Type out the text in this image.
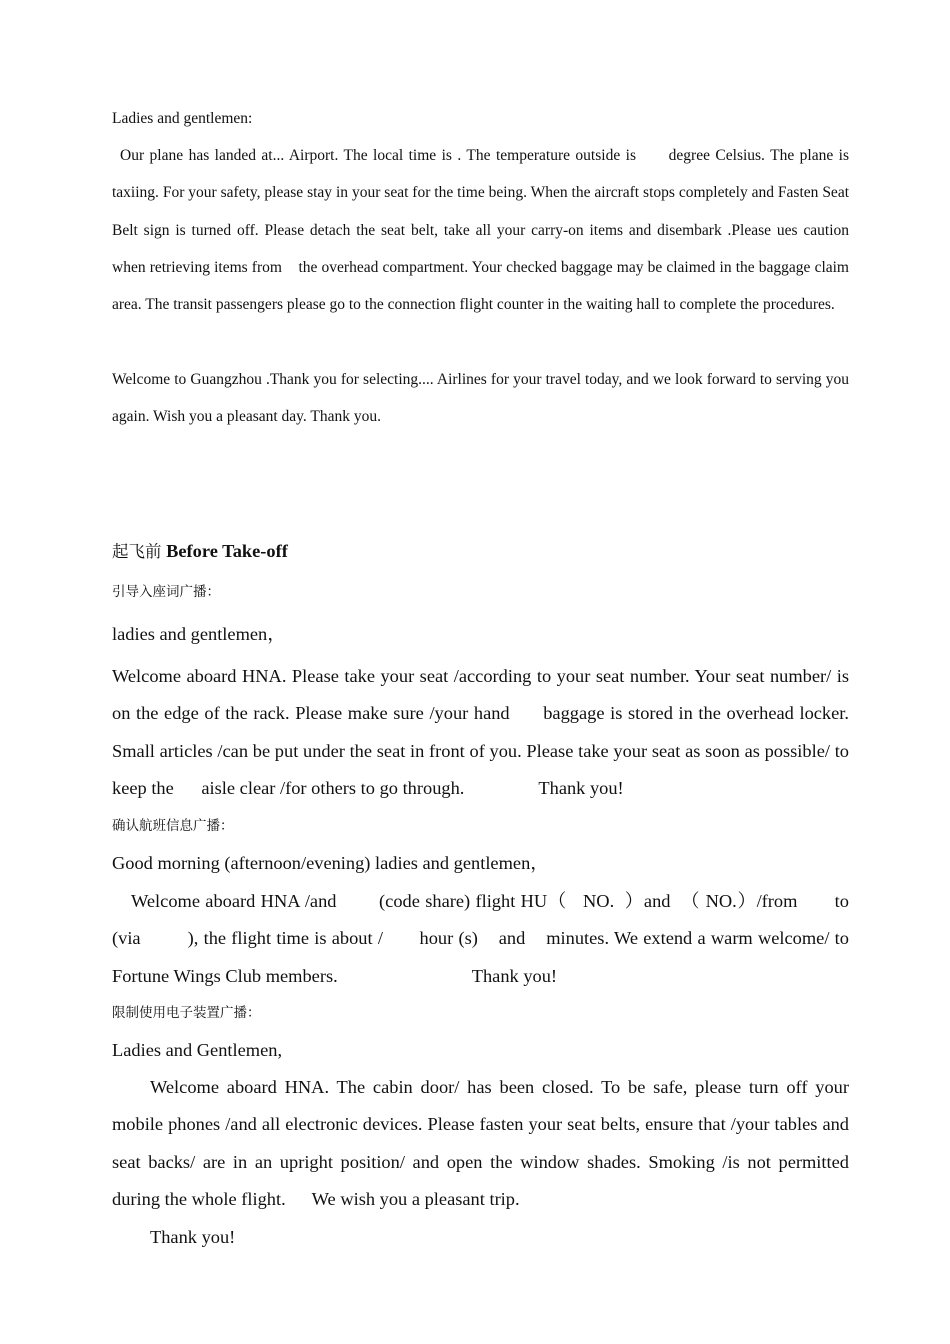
Ladies and gentlemen:

Our plane has landed at... Airport. The local time is . The temperature outside is      degree Celsius. The plane is taxiing. For your safety, please stay in your seat for the time being. When the aircraft stops completely and Fasten Seat Belt sign is turned off. Please detach the seat belt, take all your carry-on items and disembark .Please ues caution when retrieving items from    the overhead compartment. Your checked baggage may be claimed in the baggage claim area. The transit passengers please go to the connection flight counter in the waiting hall to complete the procedures.

Welcome to Guangzhou .Thank you for selecting.... Airlines for your travel today, and we look forward to serving you again. Wish you a pleasant day. Thank you.

起飞前 Before Take-off
引导入座词广播：

ladies and gentlemen，

Welcome aboard HNA. Please take your seat /according to your seat number. Your seat number/ is on the edge of the rack. Please make sure /your hand      baggage is stored in the overhead locker. Small articles /can be put under the seat in front of you. Please take your seat as soon as possible/ to keep the      aisle clear /for others to go through.	Thank you!

确认航班信息广播：

Good morning (afternoon/evening) ladies and gentlemen，

Welcome aboard HNA /and        (code share) flight HU（   NO.  ）and  （ NO.）/from       to (via         ), the flight time is about /       hour (s)    and    minutes. We extend a warm welcome/ to Fortune Wings Club members.	Thank you!

限制使用电子装置广播：

Ladies and Gentlemen,

Welcome aboard HNA. The cabin door/ has been closed. To be safe, please turn off your mobile phones /and all electronic devices. Please fasten your seat belts, ensure that /your tables and seat backs/ are in an upright position/ and open the window shades. Smoking /is not permitted during the whole flight. We wish you a pleasant trip.

Thank you!
